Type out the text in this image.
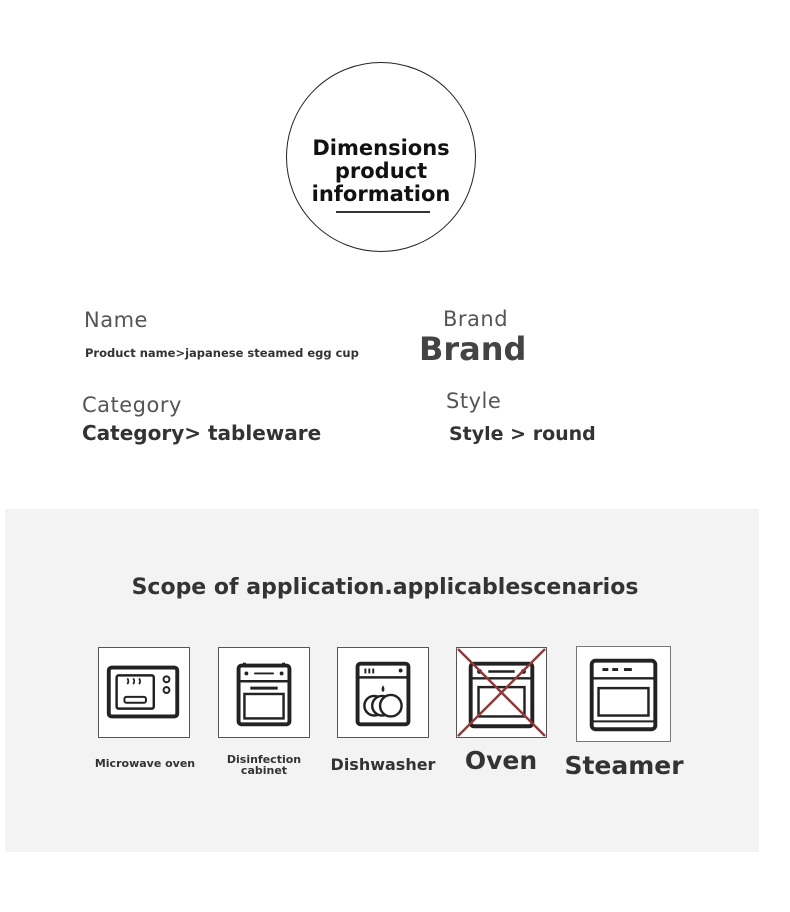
Dimensions
product
information
Name
Product name>japanese steamed egg cup
Brand
Brand
Category
Category> tableware
Style
Style > round
Scope of application.applicablescenarios
Microwave oven	Disinfection cabinet	Dishwasher	Oven	Steamer
